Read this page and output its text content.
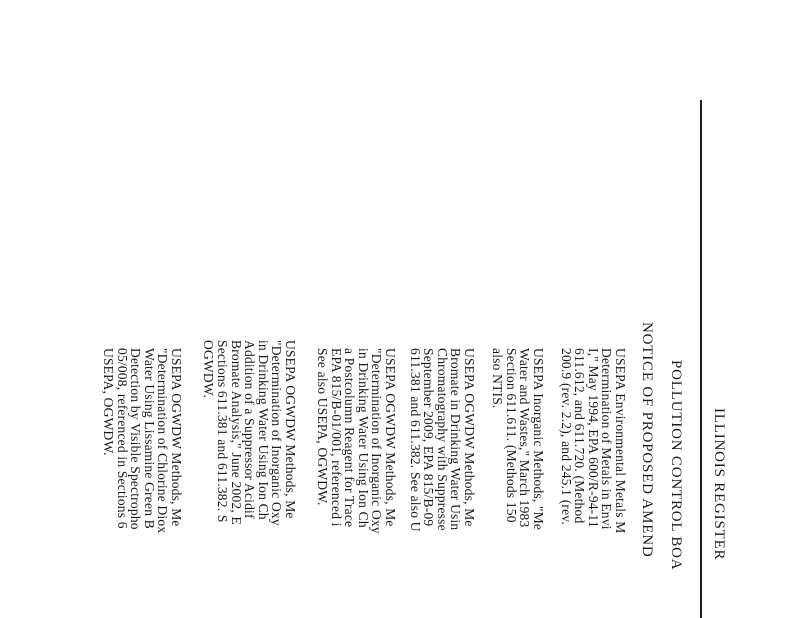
ILLINOIS REGISTER
POLLUTION CONTROL BOA
NOTICE OF PROPOSED AMEND
USEPA Environmental Metals M
Determination of Metals in Envi
I," May 1994, EPA 600/R-94-11
611.612, and 611.720. (Method
200.9 (rev. 2.2), and 245.1 (rev.
USEPA Inorganic Methods, "Me
Water and Wastes," March 1983
Section 611.611. (Methods 150
also NTIS.
USEPA OGWDW Methods, Me
Bromate in Drinking Water Usin
Chromatography with Suppresse
September 2009, EPA 815/B-09
611.381 and 611.382. See also U
USEPA OGWDW Methods, Me
"Determination of Inorganic Oxy
in Drinking Water Using Ion Ch
a Postcolumn Reagent for Trace
EPA 815/B-01/001, referenced i
See also USEPA, OGWDW.
USEPA OGWDW Methods, Me
"Determination of Inorganic Oxy
in Drinking Water Using Ion Ch
Addition of a Suppressor Acidif
Bromate Analysis," June 2002, E
Sections 611.381 and 611.382. S
OGWDW.
USEPA OGWDW Methods, Me
"Determination of Chlorine Diox
Water Using Lissamine Green B
Detection by Visible Spectropho
05/008, referenced in Sections 6
USEPA, OGWDW.
